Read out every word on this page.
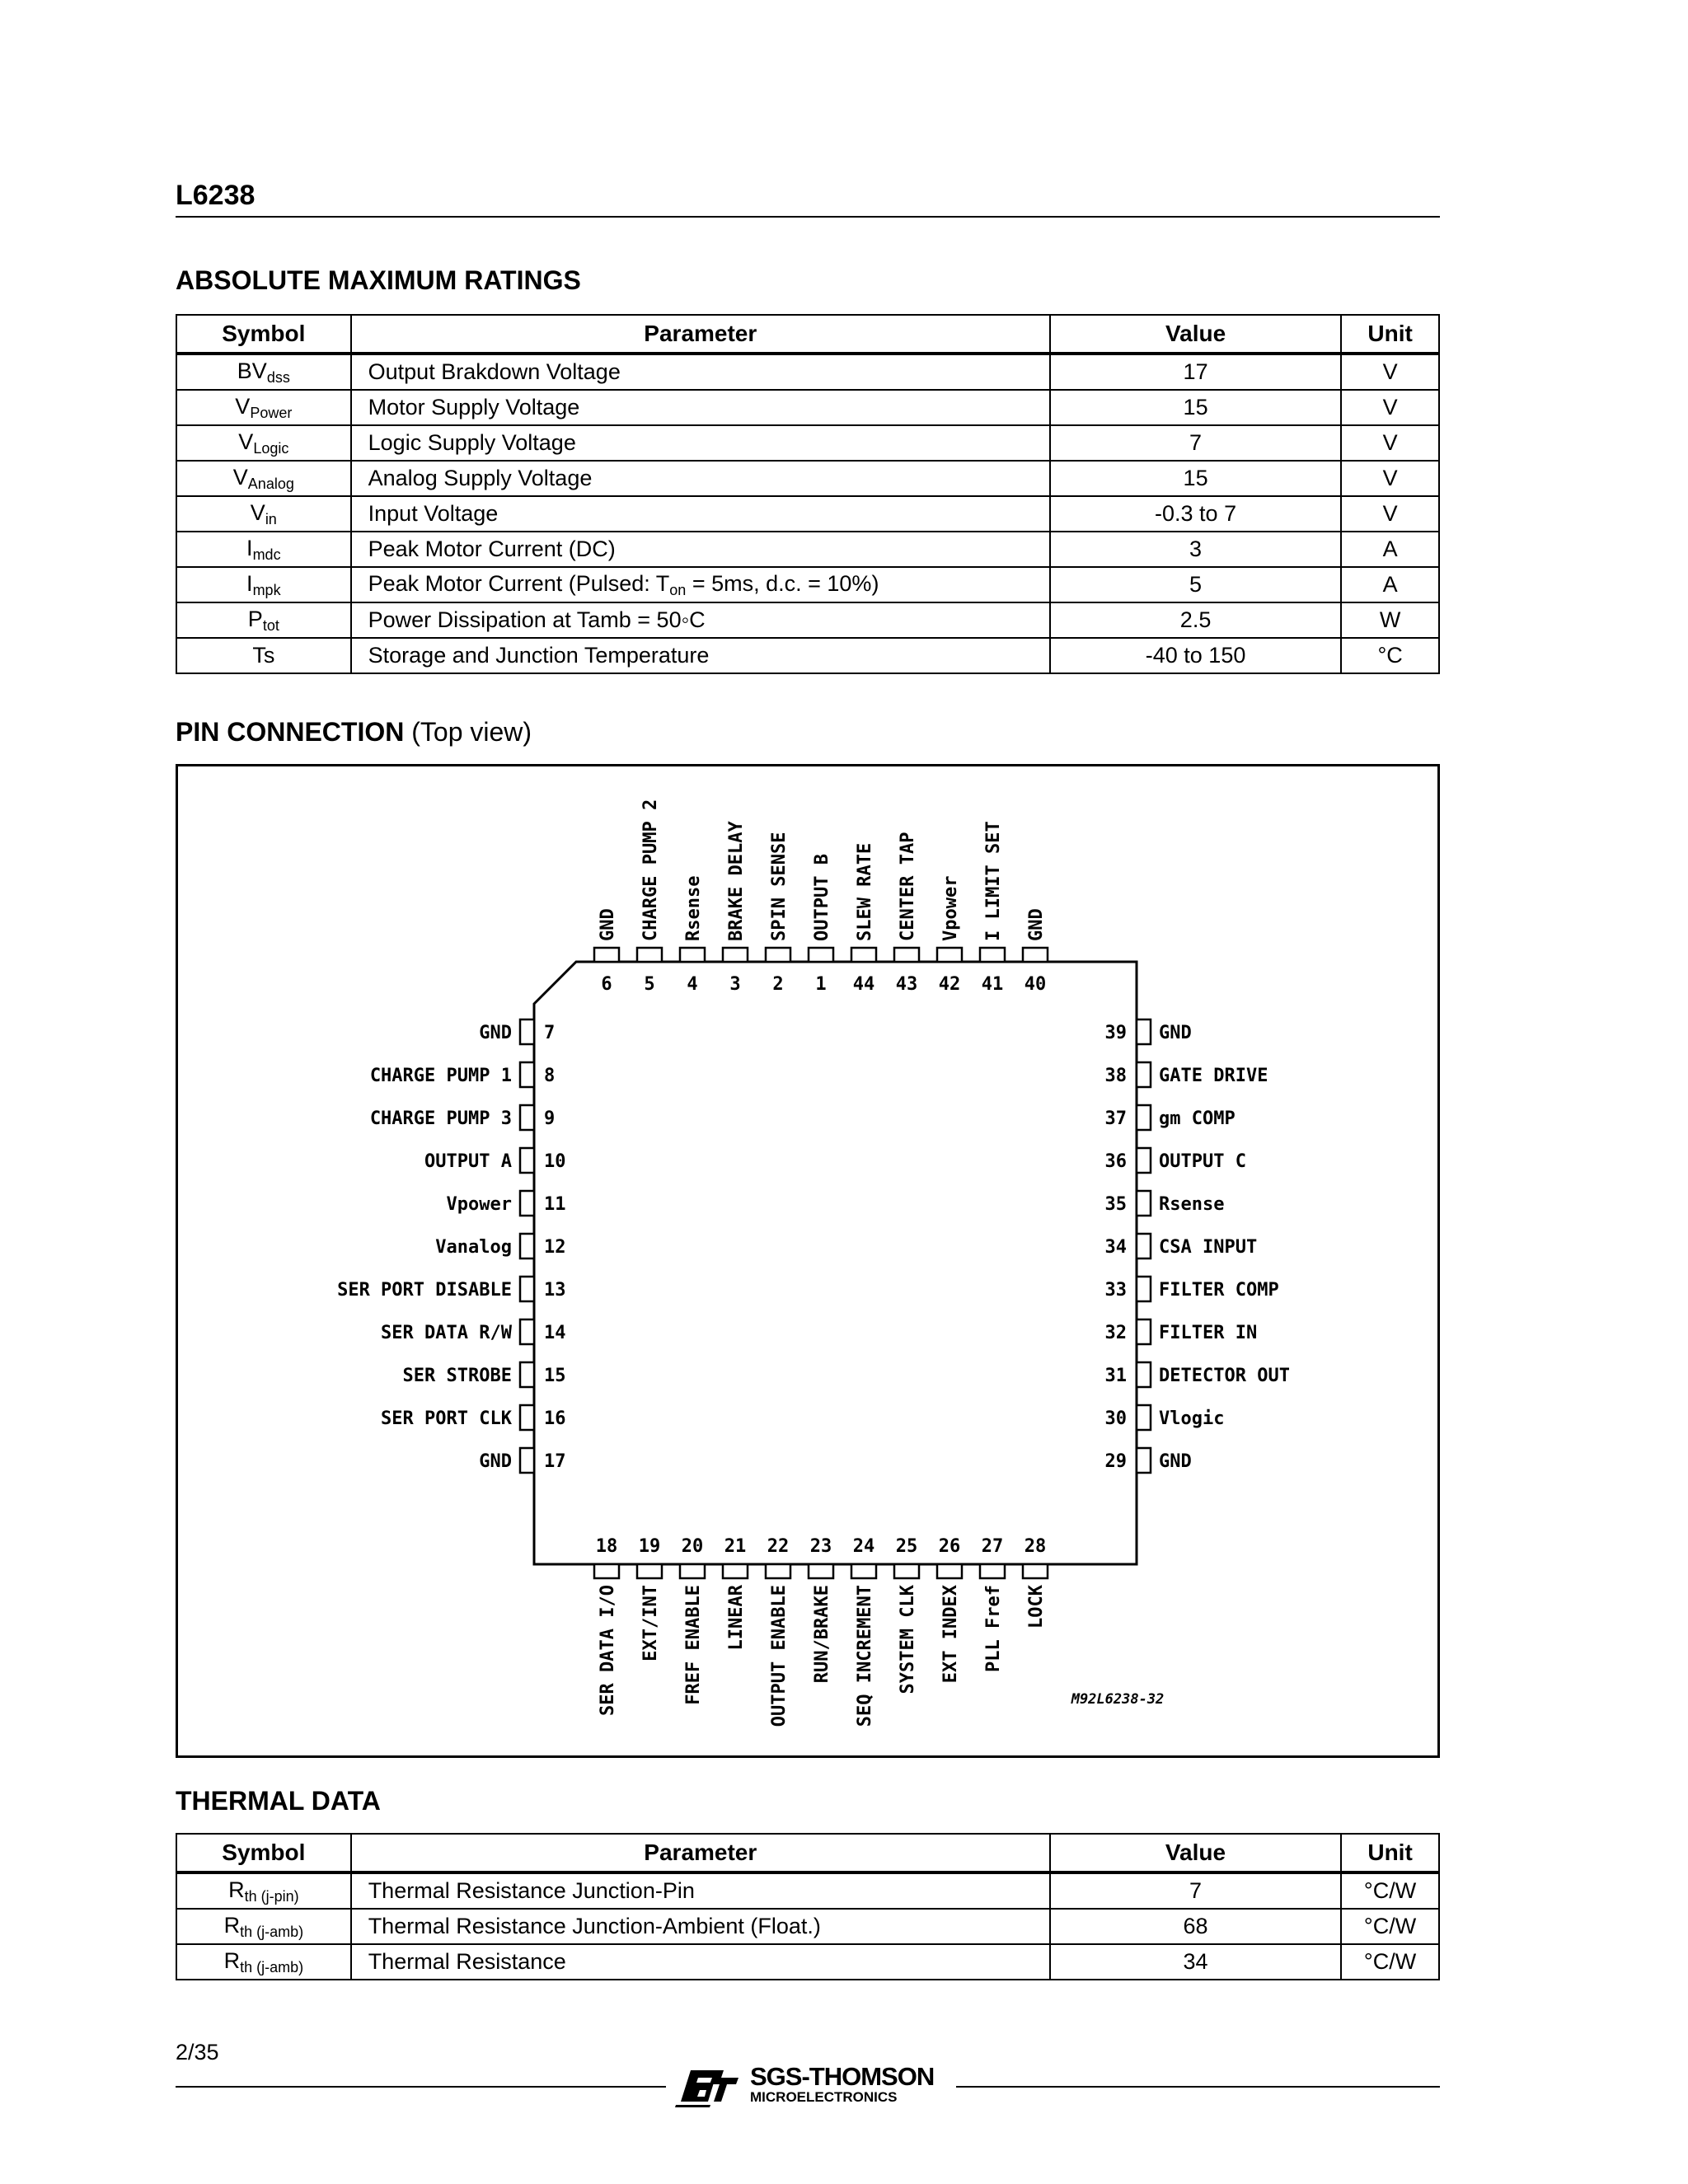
L6238
ABSOLUTE MAXIMUM RATINGS
Symbol	Parameter	Value	Unit
$BV_{dss}$	Output Brakdown Voltage	17	V
$V_{Power}$	Motor Supply Voltage	15	V
$V_{Logic}$	Logic Supply Voltage	7	V
$V_{Analog}$	Analog Supply Voltage	15	V
$V_{in}$	Input Voltage	-0.3 to 7	V
$I_{mdc}$	Peak Motor Current (DC)	3	A
$I_{mpk}$	Peak Motor Current (Pulsed: $T_{on} = 5ms$, d.c. = 10%)	5	A
$P_{tot}$	Power Dissipation at Tamb = 50◦C	2.5	W
Ts	Storage and Junction Temperature	-40 to 150	°C
PIN CONNECTION (Top view)
6
GND
5
CHARGE PUMP 2
4
Rsense
3
BRAKE DELAY
2
SPIN SENSE
1
OUTPUT B
44
SLEW RATE
43
CENTER TAP
42
Vpower
41
I LIMIT SET
40
GND
18
SER DATA I/O
19
EXT/INT
20
FREF ENABLE
21
LINEAR
22
OUTPUT ENABLE
23
RUN/BRAKE
24
SEQ INCREMENT
25
SYSTEM CLK
26
EXT INDEX
27
PLL Fref
28
LOCK
7
GND
8
CHARGE PUMP 1
9
CHARGE PUMP 3
10
OUTPUT A
11
Vpower
12
Vanalog
13
SER PORT DISABLE
14
SER DATA R/W
15
SER STROBE
16
SER PORT CLK
17
GND
39 GND
38 GATE DRIVE
37 gm COMP
36 OUTPUT C
35 Rsense
34 CSA INPUT
33 FILTER COMP
32 FILTER IN
31 DETECTOR OUT
30 Vlogic
29 GND
M92L6238-32
THERMAL DATA
Symbol	Parameter	Value	Unit
$R_{th (j-pin)}$	Thermal Resistance Junction-Pin	7	°C/W
$R_{th (j-amb)}$	Thermal Resistance Junction-Ambient (Float.)	68	°C/W
$R_{th (j-amb)}$	Thermal Resistance	34	°C/W
2/35
SGS-THOMSON
MICROELECTRONICS
